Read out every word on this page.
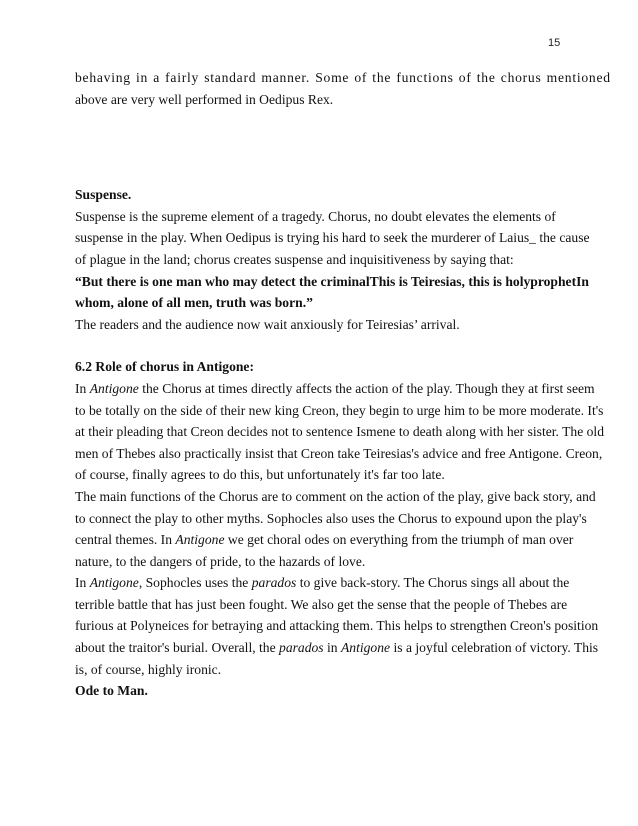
15
behaving in a fairly standard manner. Some of the functions of the chorus mentioned
above are very well performed in Oedipus Rex.
Suspense.
Suspense is the supreme element of a tragedy. Chorus, no doubt elevates the elements of
suspense in the play. When Oedipus is trying his hard to seek the murderer of Laius_ the cause
of plague in the land; chorus creates suspense and inquisitiveness by saying that:
“But there is one man who may detect the criminalThis is Teiresias, this is holyprophetIn
whom, alone of all men, truth was born.”
The readers and the audience now wait anxiously for Teiresias’ arrival.
6.2 Role of chorus in Antigone:
In Antigone the Chorus at times directly affects the action of the play. Though they at first seem
to be totally on the side of their new king Creon, they begin to urge him to be more moderate. It's
at their pleading that Creon decides not to sentence Ismene to death along with her sister. The old
men of Thebes also practically insist that Creon take Teiresias's advice and free Antigone. Creon,
of course, finally agrees to do this, but unfortunately it's far too late.
The main functions of the Chorus are to comment on the action of the play, give back story, and
to connect the play to other myths. Sophocles also uses the Chorus to expound upon the play's
central themes. In Antigone we get choral odes on everything from the triumph of man over
nature, to the dangers of pride, to the hazards of love.
In Antigone, Sophocles uses the parados to give back-story. The Chorus sings all about the
terrible battle that has just been fought. We also get the sense that the people of Thebes are
furious at Polyneices for betraying and attacking them. This helps to strengthen Creon's position
about the traitor's burial. Overall, the parados in Antigone is a joyful celebration of victory. This
is, of course, highly ironic.
Ode to Man.
